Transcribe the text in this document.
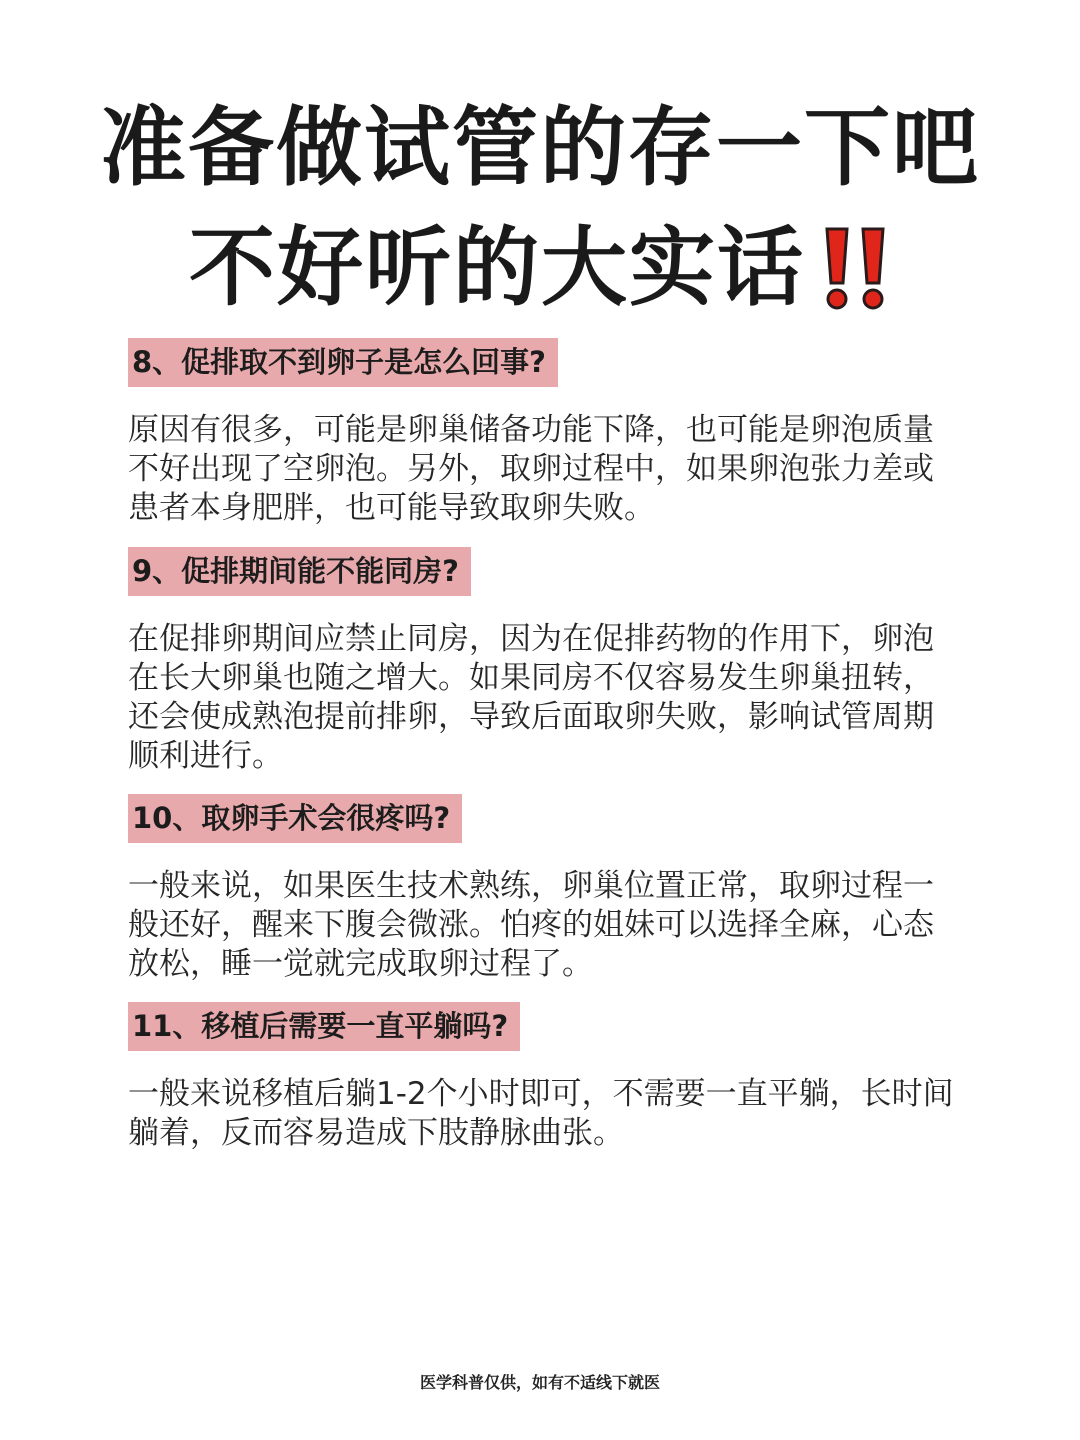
准备做试管的存一下吧
不好听的大实话
8、促排取不到卵子是怎么回事?
原因有很多，可能是卵巢储备功能下降，也可能是卵泡质量
不好出现了空卵泡。另外，取卵过程中，如果卵泡张力差或
患者本身肥胖，也可能导致取卵失败。
9、促排期间能不能同房?
在促排卵期间应禁止同房，因为在促排药物的作用下，卵泡
在长大卵巢也随之增大。如果同房不仅容易发生卵巢扭转，
还会使成熟泡提前排卵，导致后面取卵失败，影响试管周期
顺利进行。
10、取卵手术会很疼吗?
一般来说，如果医生技术熟练，卵巢位置正常，取卵过程一
般还好，醒来下腹会微涨。怕疼的姐妹可以选择全麻，心态
放松，睡一觉就完成取卵过程了。
11、移植后需要一直平躺吗?
一般来说移植后躺1-2个小时即可，不需要一直平躺，长时间
躺着，反而容易造成下肢静脉曲张。
医学科普仅供，如有不适线下就医
